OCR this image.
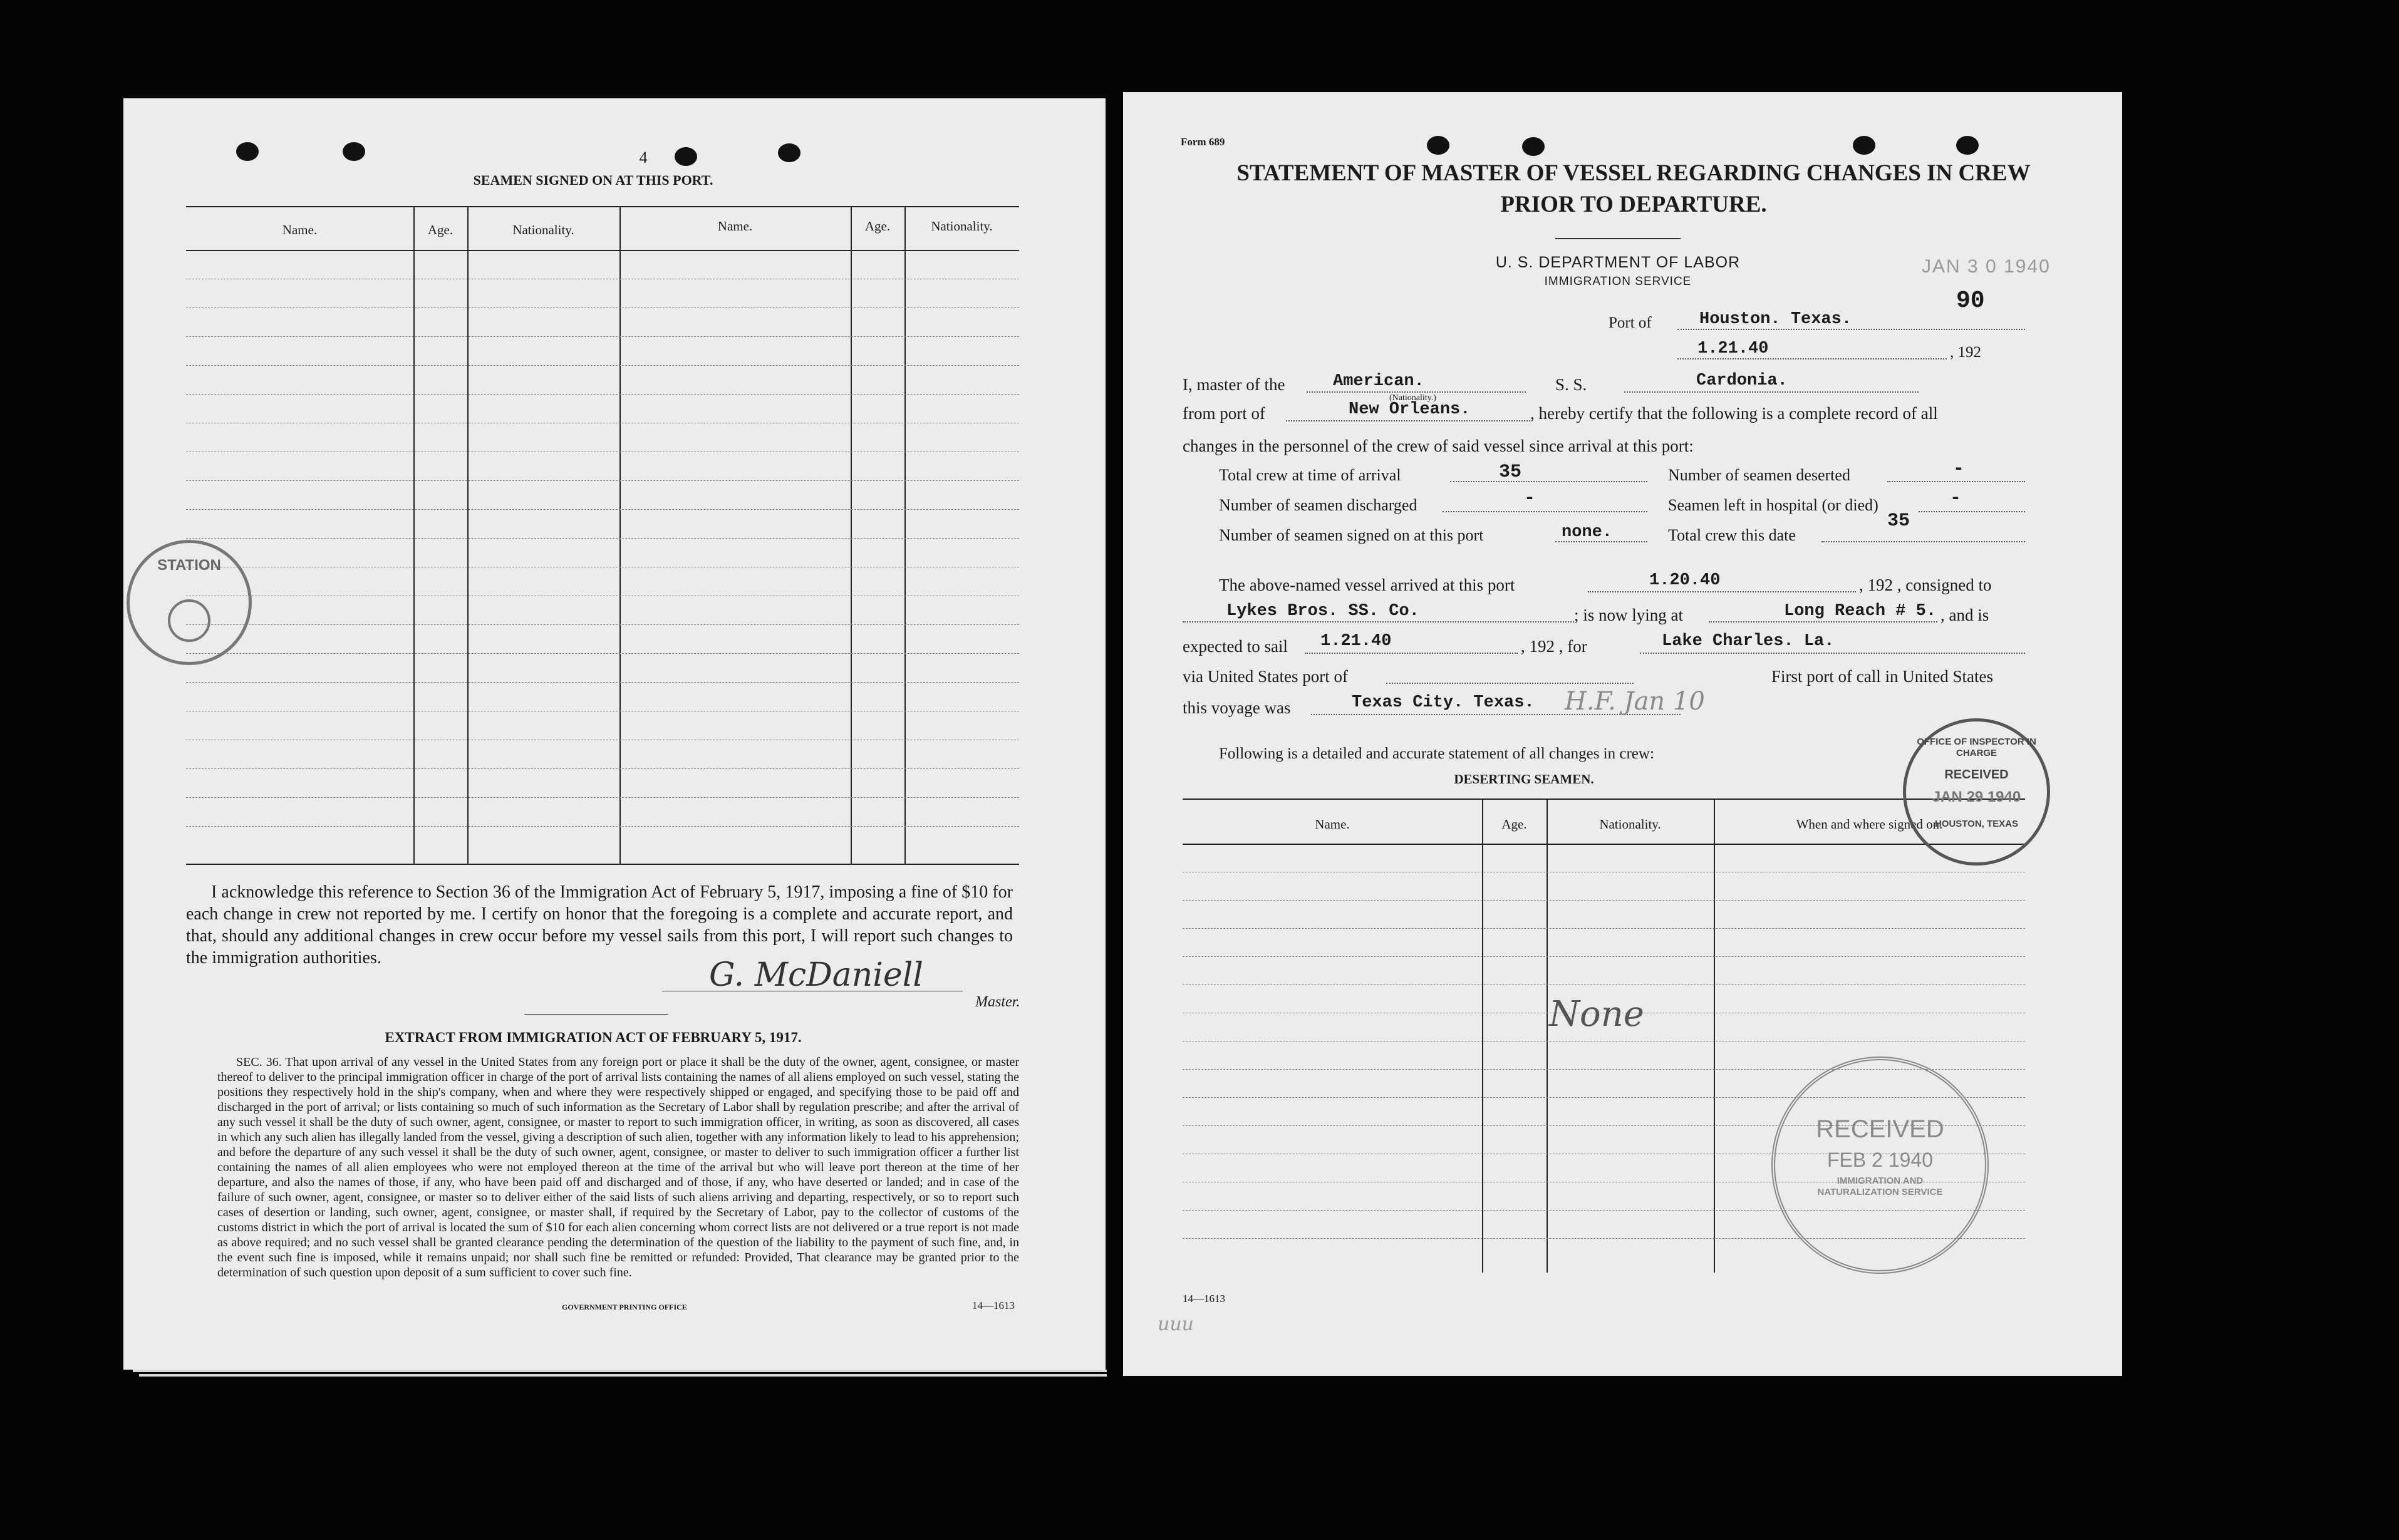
4
SEAMEN SIGNED ON AT THIS PORT.
Name.	Age.	Nationality.	Name.	Age.	Nationality.
STATION
I acknowledge this reference to Section 36 of the Immigration Act of February 5, 1917, imposing a fine of $10 for each change in crew not reported by me. I certify on honor that the foregoing is a complete and accurate report, and that, should any additional changes in crew occur before my vessel sails from this port, I will report such changes to the immigration authorities.	G. McDaniell
Master.
EXTRACT FROM IMMIGRATION ACT OF FEBRUARY 5, 1917.
SEC. 36. That upon arrival of any vessel in the United States from any foreign port or place it shall be the duty of the owner, agent, consignee, or master thereof to deliver to the principal immigration officer in charge of the port of arrival lists containing the names of all aliens employed on such vessel, stating the positions they respectively hold in the ship's company, when and where they were respectively shipped or engaged, and specifying those to be paid off and discharged in the port of arrival; or lists containing so much of such information as the Secretary of Labor shall by regulation prescribe; and after the arrival of any such vessel it shall be the duty of such owner, agent, consignee, or master to report to such immigration officer, in writing, as soon as discovered, all cases in which any such alien has illegally landed from the vessel, giving a description of such alien, together with any information likely to lead to his apprehension; and before the departure of any such vessel it shall be the duty of such owner, agent, consignee, or master to deliver to such immigration officer a further list containing the names of all alien employees who were not employed thereon at the time of the arrival but who will leave port thereon at the time of her departure, and also the names of those, if any, who have been paid off and discharged and of those, if any, who have deserted or landed; and in case of the failure of such owner, agent, consignee, or master so to deliver either of the said lists of such aliens arriving and departing, respectively, or so to report such cases of desertion or landing, such owner, agent, consignee, or master shall, if required by the Secretary of Labor, pay to the collector of customs of the customs district in which the port of arrival is located the sum of $10 for each alien concerning whom correct lists are not delivered or a true report is not made as above required; and no such vessel shall be granted clearance pending the determination of the question of the liability to the payment of such fine, and, in the event such fine is imposed, while it remains unpaid; nor shall such fine be remitted or refunded: Provided, That clearance may be granted prior to the determination of such question upon deposit of a sum sufficient to cover such fine.
GOVERNMENT PRINTING OFFICE	14—1613
Form 689
STATEMENT OF MASTER OF VESSEL REGARDING CHANGES IN CREW
PRIOR TO DEPARTURE.
U. S. DEPARTMENT OF LABOR
IMMIGRATION SERVICE
JAN 3 0 1940
90
Port of	Houston. Texas.
1.21.40	, 192
I, master of the	American.
(Nationality.)
S. S.	Cardonia.
from port of	New Orleans.	, hereby certify that the following is a complete record of all
changes in the personnel of the crew of said vessel since arrival at this port:
Total crew at time of arrival	35	Number of seamen deserted	-
Number of seamen discharged	-	Seamen left in hospital (or died)	-
Number of seamen signed on at this port	none.	Total crew this date
35
The above-named vessel arrived at this port	1.20.40	, 192 , consigned to
Lykes Bros. SS. Co.	; is now lying at	Long Reach # 5. , and is
expected to sail 1.21.40	, 192 , for	Lake Charles. La.
via United States port of	First port of call in United States
this voyage was	Texas City. Texas. H.F. Jan 10
Following is a detailed and accurate statement of all changes in crew:
DESERTING SEAMEN.
Name.	Age.	Nationality.	When and where signed on.
None
OFFICE OF INSPECTOR IN CHARGE
RECEIVED
JAN 29 1940
HOUSTON, TEXAS
RECEIVED
FEB 2 1940
IMMIGRATION AND NATURALIZATION SERVICE
14—1613
uuu
